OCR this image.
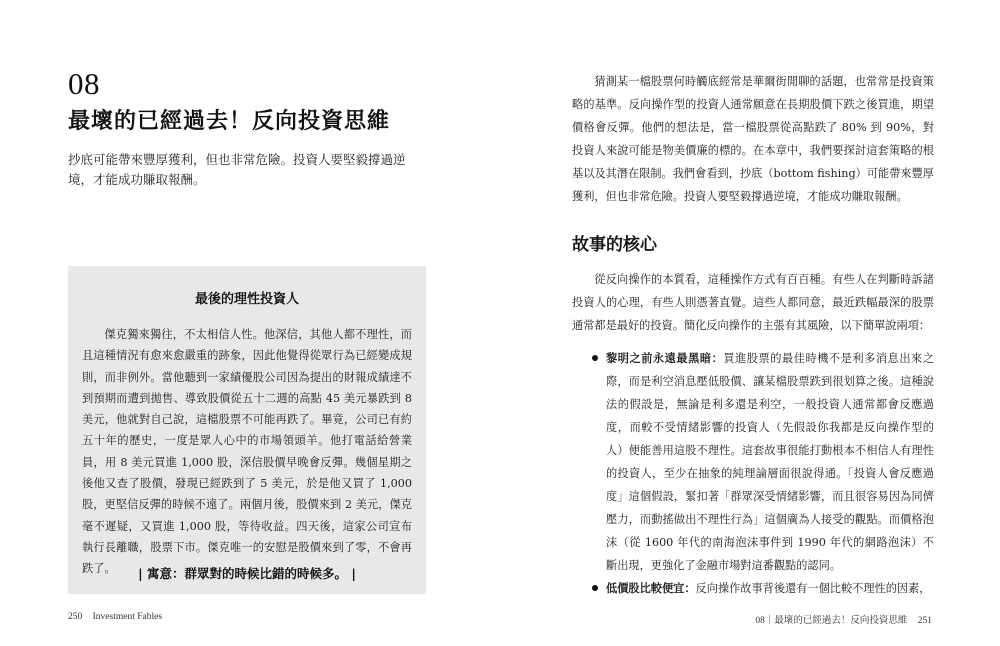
08
最壞的已經過去！反向投資思維
抄底可能帶來豐厚獲利，但也非常危險。投資人要堅毅撐過逆境，才能成功賺取報酬。
最後的理性投資人
傑克獨來獨往，不太相信人性。他深信，其他人都不理性，而且這種情況有愈來愈嚴重的跡象，因此他覺得從眾行為已經變成規則，而非例外。當他聽到一家績優股公司因為提出的財報成績達不到預期而遭到拋售、導致股價從五十二週的高點 45 美元暴跌到 8 美元，他就對自己說，這檔股票不可能再跌了。畢竟，公司已有約五十年的歷史，一度是眾人心中的市場領頭羊。他打電話給營業員，用 8 美元買進 1,000 股，深信股價早晚會反彈。幾個星期之後他又查了股價，發現已經跌到了 5 美元，於是他又買了 1,000 股，更堅信反彈的時候不遠了。兩個月後，股價來到 2 美元，傑克毫不遲疑，又買進 1,000 股，等待收益。四天後，這家公司宣布執行長離職，股票下市。傑克唯一的安慰是股價來到了零，不會再跌了。	| 寓意：群眾對的時候比錯的時候多。 |
250 Investment Fables
猜測某一檔股票何時觸底經常是華爾街閒聊的話題，也常常是投資策略的基準。反向操作型的投資人通常願意在長期股價下跌之後買進，期望價格會反彈。他們的想法是，當一檔股票從高點跌了 80% 到 90%，對投資人來說可能是物美價廉的標的。在本章中，我們要探討這套策略的根基以及其潛在限制。我們會看到，抄底（bottom fishing）可能帶來豐厚獲利，但也非常危險。投資人要堅毅撐過逆境，才能成功賺取報酬。
故事的核心
從反向操作的本質看，這種操作方式有百百種。有些人在判斷時訴諸投資人的心理，有些人則憑著直覺。這些人都同意，最近跌幅最深的股票通常都是最好的投資。簡化反向操作的主張有其風險，以下簡單說兩項：
黎明之前永遠最黑暗：買進股票的最佳時機不是利多消息出來之際，而是利空消息壓低股價、讓某檔股票跌到很划算之後。這種說法的假設是，無論是利多還是利空，一般投資人通常都會反應過度，而較不受情緒影響的投資人（先假設你我都是反向操作型的人）便能善用這股不理性。這套故事很能打動根本不相信人有理性的投資人，至少在抽象的純理論層面很說得通。「投資人會反應過度」這個假設，緊扣著「群眾深受情緒影響，而且很容易因為同儕壓力，而動搖做出不理性行為」這個廣為人接受的觀點。而價格泡沫（從 1600 年代的南海泡沫事件到 1990 年代的網路泡沫）不斷出現，更強化了金融市場對這番觀點的認同。
低價股比較便宜：反向操作故事背後還有一個比較不理性的因素，
08｜最壞的已經過去！反向投資思維 251
